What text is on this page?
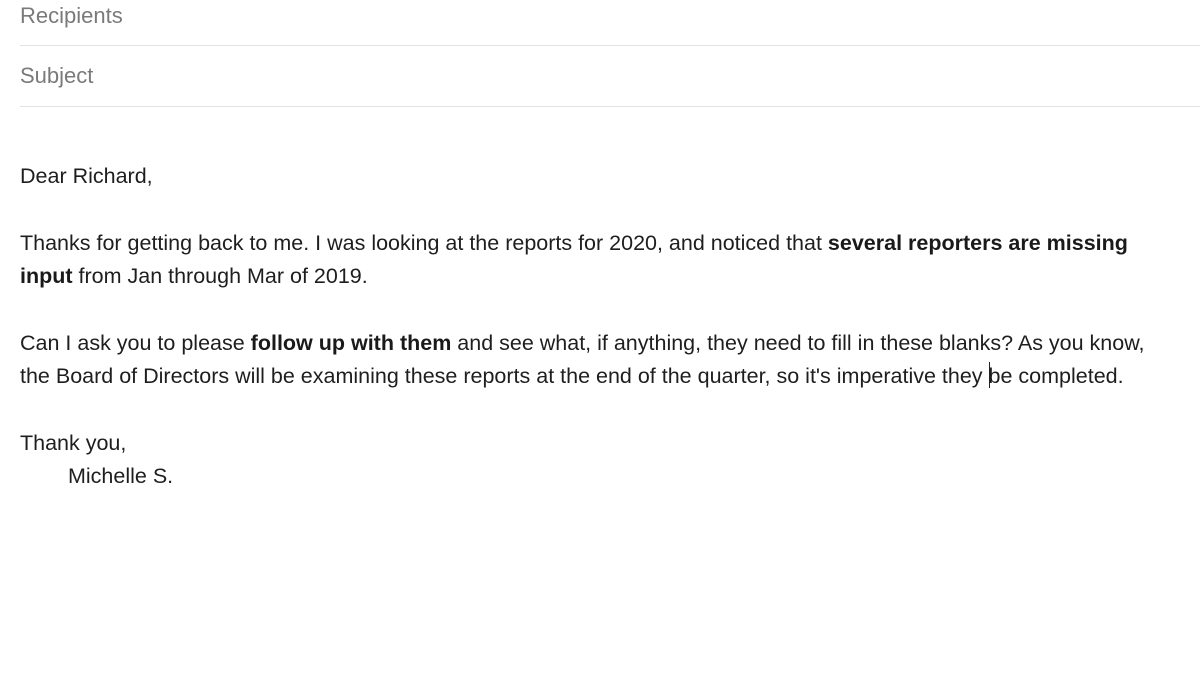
Recipients
Subject

Dear Richard,

Thanks for getting back to me. I was looking at the reports for 2020, and noticed that several reporters are missing input from Jan through Mar of 2019.

Can I ask you to please follow up with them and see what, if anything, they need to fill in these blanks? As you know, the Board of Directors will be examining these reports at the end of the quarter, so it's imperative they be completed.

Thank you,

Michelle S.
